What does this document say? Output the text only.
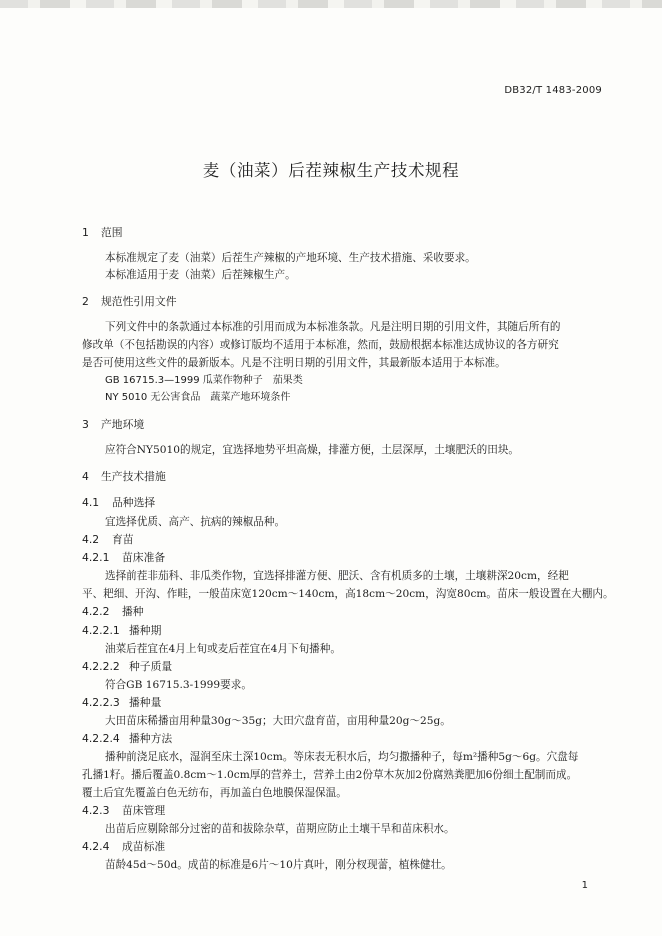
DB32/T 1483-2009
麦（油菜）后茬辣椒生产技术规程
1 范围
本标准规定了麦（油菜）后茬生产辣椒的产地环境、生产技术措施、采收要求。
本标准适用于麦（油菜）后茬辣椒生产。
2 规范性引用文件
下列文件中的条款通过本标准的引用而成为本标准条款。凡是注明日期的引用文件，其随后所有的
修改单（不包括勘误的内容）或修订版均不适用于本标准，然而，鼓励根据本标准达成协议的各方研究
是否可使用这些文件的最新版本。凡是不注明日期的引用文件，其最新版本适用于本标准。
GB 16715.3—1999 瓜菜作物种子　茄果类
NY 5010 无公害食品　蔬菜产地环境条件
3 产地环境
应符合NY5010的规定，宜选择地势平坦高燥，排灌方便，土层深厚，土壤肥沃的田块。
4 生产技术措施
4.1 品种选择
宜选择优质、高产、抗病的辣椒品种。
4.2 育苗
4.2.1 苗床准备
选择前茬非茄科、非瓜类作物，宜选择排灌方便、肥沃、含有机质多的土壤，土壤耕深20cm，经耙
平、耙细、开沟、作畦，一般苗床宽120cm～140cm，高18cm～20cm，沟宽80cm。苗床一般设置在大棚内。
4.2.2 播种
4.2.2.1 播种期
油菜后茬宜在4月上旬或麦后茬宜在4月下旬播种。
4.2.2.2 种子质量
符合GB 16715.3-1999要求。
4.2.2.3 播种量
大田苗床稀播亩用种量30g～35g；大田穴盘育苗，亩用种量20g～25g。
4.2.2.4 播种方法
播种前浇足底水，湿润至床土深10cm。等床表无积水后，均匀撒播种子，每m²播种5g～6g。穴盘每
孔播1籽。播后覆盖0.8cm～1.0cm厚的营养土，营养土由2份草木灰加2份腐熟粪肥加6份细土配制而成。
覆土后宜先覆盖白色无纺布，再加盖白色地膜保湿保温。
4.2.3 苗床管理
出苗后应剔除部分过密的苗和拔除杂草，苗期应防止土壤干旱和苗床积水。
4.2.4 成苗标准
苗龄45d～50d。成苗的标准是6片～10片真叶，刚分杈现蕾，植株健壮。
1
